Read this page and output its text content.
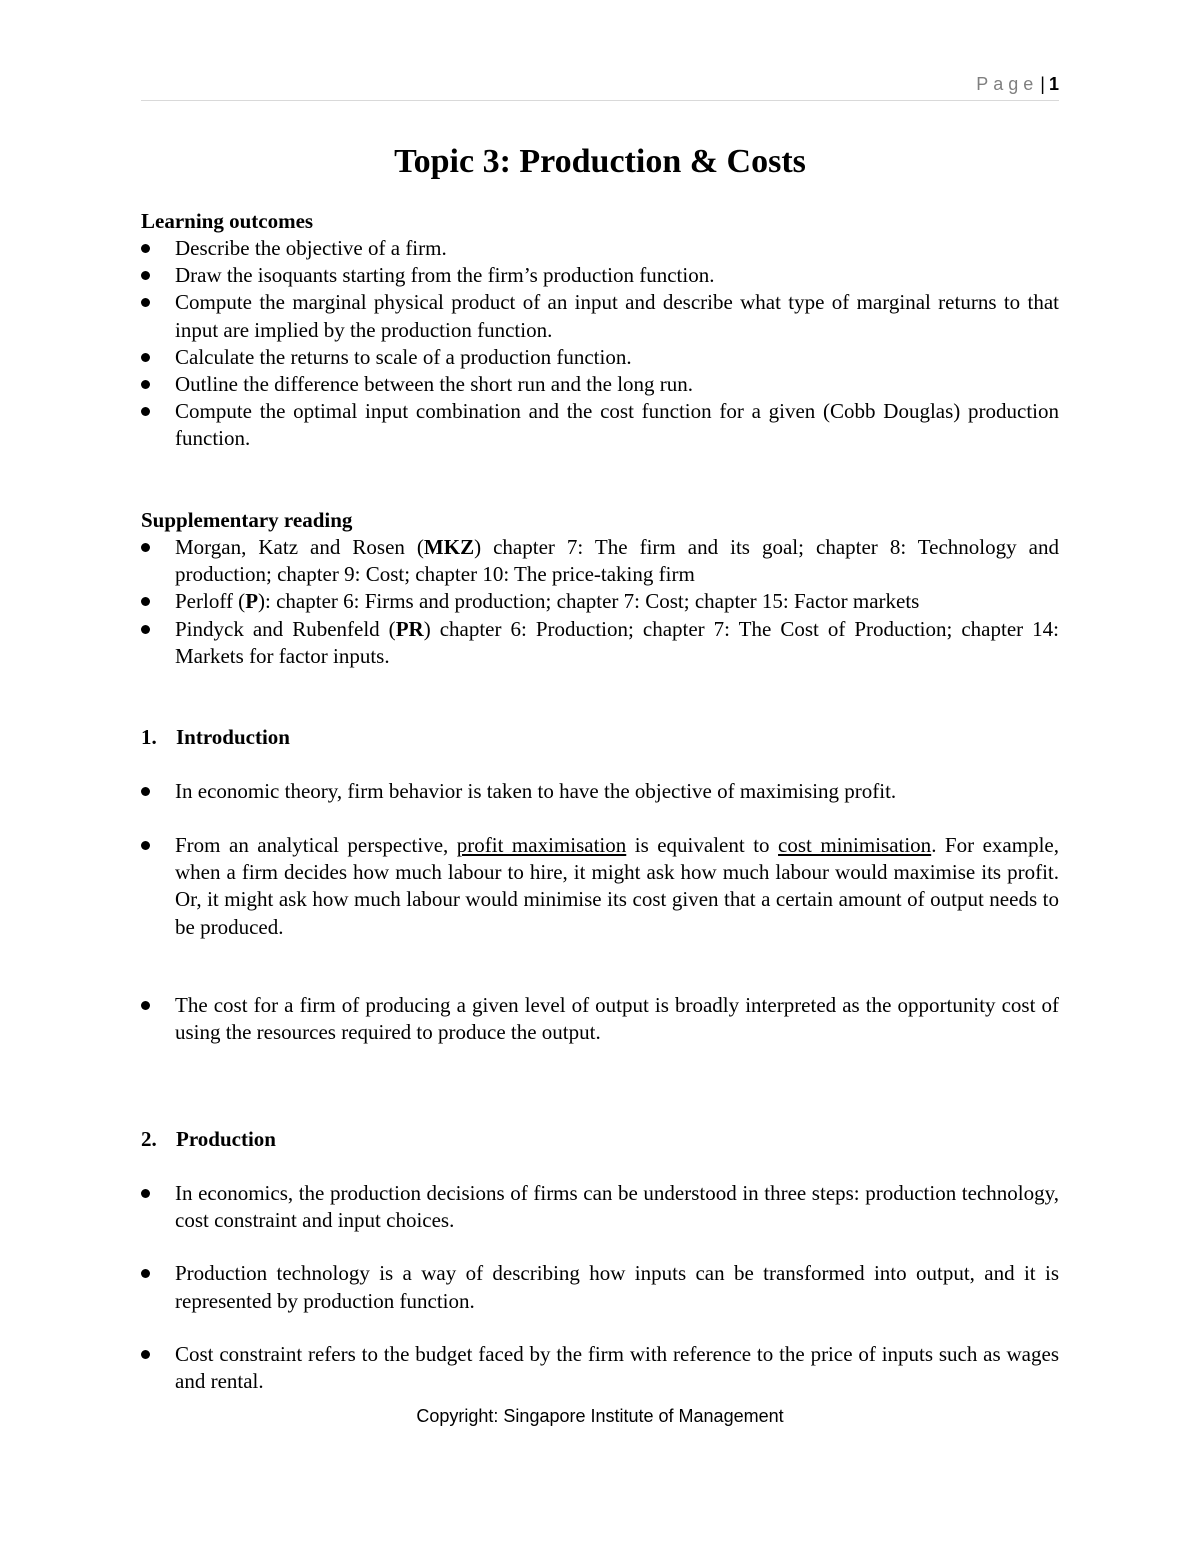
Page | 1
Topic 3: Production & Costs

Learning outcomes

Describe the objective of a firm.
Draw the isoquants starting from the firm’s production function.
Compute the marginal physical product of an input and describe what type of marginal returns to that input are implied by the production function.
Calculate the returns to scale of a production function.
Outline the difference between the short run and the long run.
Compute the optimal input combination and the cost function for a given (Cobb Douglas) production function.

Supplementary reading

Morgan, Katz and Rosen (MKZ) chapter 7: The firm and its goal; chapter 8: Technology and production; chapter 9: Cost; chapter 10: The price-taking firm
Perloff (P): chapter 6: Firms and production; chapter 7: Cost; chapter 15: Factor markets
Pindyck and Rubenfeld (PR) chapter 6: Production; chapter 7: The Cost of Production; chapter 14: Markets for factor inputs.

1. Introduction

In economic theory, firm behavior is taken to have the objective of maximising profit.
From an analytical perspective, profit maximisation is equivalent to cost minimisation. For example, when a firm decides how much labour to hire, it might ask how much labour would maximise its profit. Or, it might ask how much labour would minimise its cost given that a certain amount of output needs to be produced.
The cost for a firm of producing a given level of output is broadly interpreted as the opportunity cost of using the resources required to produce the output.

2. Production

In economics, the production decisions of firms can be understood in three steps: production technology, cost constraint and input choices.
Production technology is a way of describing how inputs can be transformed into output, and it is represented by production function.
Cost constraint refers to the budget faced by the firm with reference to the price of inputs such as wages and rental.
Copyright: Singapore Institute of Management
